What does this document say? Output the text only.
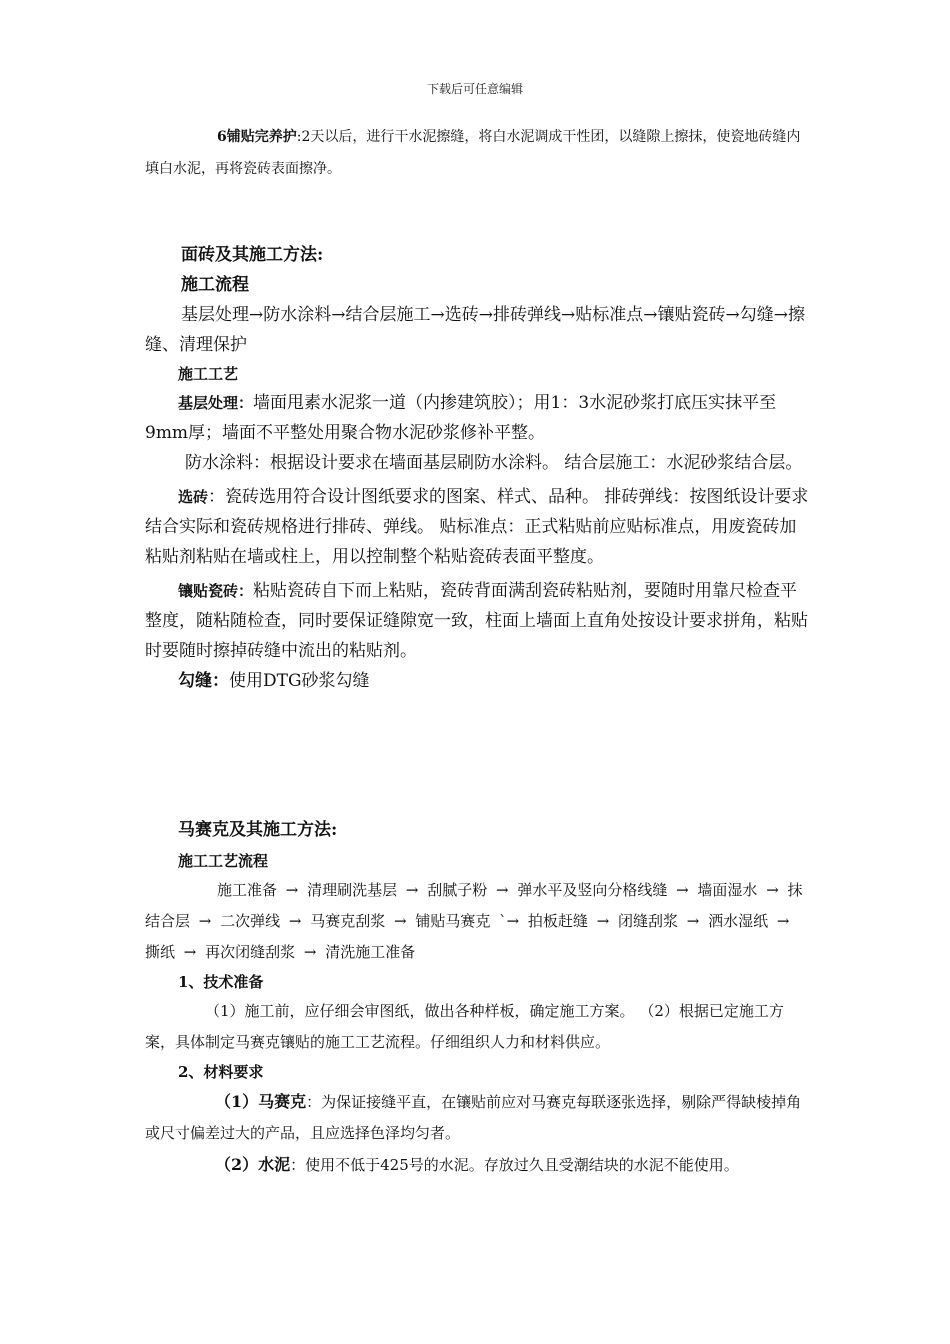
下载后可任意编辑

6铺贴完养护:2天以后，进行干水泥擦缝，将白水泥调成干性团，以缝隙上擦抹，使瓷地砖缝内填白水泥，再将瓷砖表面擦净。

面砖及其施工方法:

施工流程

基层处理→防水涂料→结合层施工→选砖→排砖弹线→贴标准点→镶贴瓷砖→勾缝→擦缝、清理保护

施工工艺

基层处理：墙面甩素水泥浆一道（内掺建筑胶）；用1：3水泥砂浆打底压实抹平至9mm厚；墙面不平整处用聚合物水泥砂浆修补平整。

防水涂料：根据设计要求在墙面基层刷防水涂料。 结合层施工：水泥砂浆结合层。

选砖：瓷砖选用符合设计图纸要求的图案、样式、品种。 排砖弹线：按图纸设计要求结合实际和瓷砖规格进行排砖、弹线。 贴标准点：正式粘贴前应贴标准点，用废瓷砖加粘贴剂粘贴在墙或柱上，用以控制整个粘贴瓷砖表面平整度。

镶贴瓷砖：粘贴瓷砖自下而上粘贴，瓷砖背面满刮瓷砖粘贴剂，要随时用靠尺检查平整度，随粘随检查，同时要保证缝隙宽一致，柱面上墙面上直角处按设计要求拼角，粘贴时要随时擦掉砖缝中流出的粘贴剂。

勾缝：使用DTG砂浆勾缝

马赛克及其施工方法:

施工工艺流程

施工准备 → 清理刷洗基层 → 刮腻子粉 → 弹水平及竖向分格线缝 → 墙面湿水 → 抹结合层 → 二次弹线 → 马赛克刮浆 → 铺贴马赛克 `→ 拍板赶缝 → 闭缝刮浆 → 洒水湿纸 → 撕纸 → 再次闭缝刮浆 → 清洗施工准备

1、技术准备

（1）施工前，应仔细会审图纸，做出各种样板，确定施工方案。 （2）根据已定施工方案，具体制定马赛克镶贴的施工工艺流程。仔细组织人力和材料供应。

2、材料要求

（1）马赛克：为保证接缝平直，在镶贴前应对马赛克每联逐张选择，剔除严得缺棱掉角或尺寸偏差过大的产品，且应选择色泽均匀者。

（2）水泥：使用不低于425号的水泥。存放过久且受潮结块的水泥不能使用。
